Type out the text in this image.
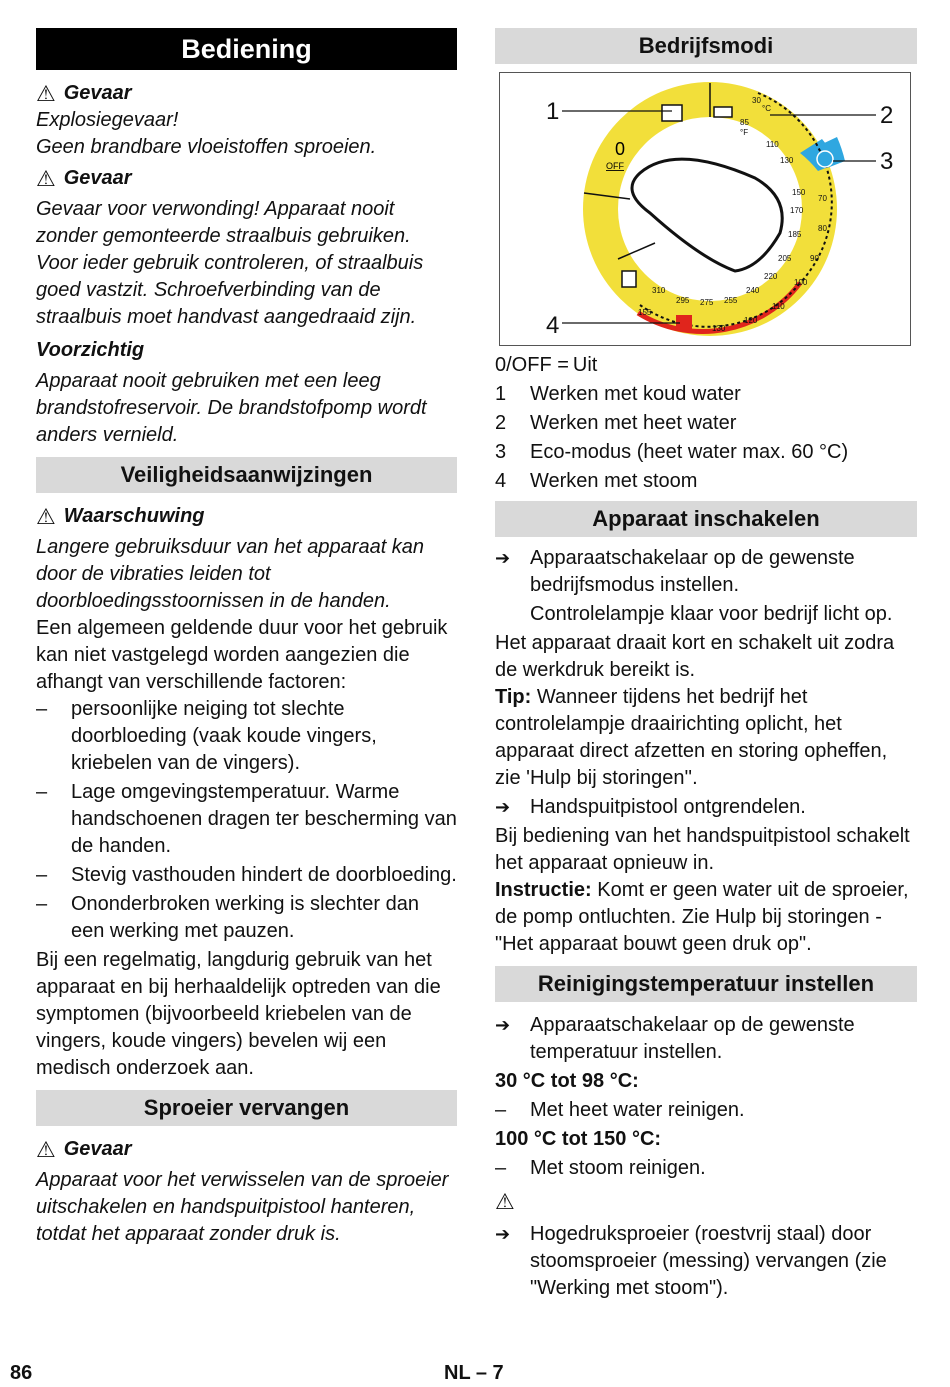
Bediening
⚠ Gevaar

Explosiegevaar!

Geen brandbare vloeistoffen sproeien.

⚠ Gevaar

Gevaar voor verwonding! Apparaat nooit zonder gemonteerde straalbuis gebruiken. Voor ieder gebruik controleren, of straalbuis goed vastzit. Schroefverbinding van de straalbuis moet handvast aangedraaid zijn.

Voorzichtig

Apparaat nooit gebruiken met een leeg brandstofreservoir. De brandstofpomp wordt anders vernield.

Veiligheidsaanwijzingen
⚠ Waarschuwing

Langere gebruiksduur van het apparaat kan door de vibraties leiden tot doorbloedingsstoornissen in de handen.

Een algemeen geldende duur voor het gebruik kan niet vastgelegd worden aangezien die afhangt van verschillende factoren:

–	persoonlijke neiging tot slechte doorbloeding (vaak koude vingers, kriebelen van de vingers).
–	Lage omgevingstemperatuur. Warme handschoenen dragen ter bescherming van de handen.
–	Stevig vasthouden hindert de doorbloeding.
–	Ononderbroken werking is slechter dan een werking met pauzen.

Bij een regelmatig, langdurig gebruik van het apparaat en bij herhaaldelijk optreden van die symptomen (bijvoorbeeld kriebelen van de vingers, koude vingers) bevelen wij een medisch onderzoek aan.

Sproeier vervangen
⚠ Gevaar

Apparaat voor het verwisselen van de sproeier uitschakelen en handspuitpistool hanteren, totdat het apparaat zonder druk is.

Bedrijfsmodi
0
OFF
30
°C
85
°F
110
130
150
170
185
205
220
240
255
275
295
310
70
80
90
100
110
120
130
155
1	2
3
4
0/OFF = Uit
1	Werken met koud water
2	Werken met heet water
3	Eco-modus (heet water max. 60 °C)
4	Werken met stoom
Apparaat inschakelen
➔ Apparaatschakelaar op de gewenste bedrijfsmodus instellen.

Controlelampje klaar voor bedrijf licht op.

Het apparaat draait kort en schakelt uit zodra de werkdruk bereikt is.

Tip: Wanneer tijdens het bedrijf het controlelampje draairichting oplicht, het apparaat direct afzetten en storing opheffen, zie 'Hulp bij storingen''.

➔ Handspuitpistool ontgrendelen.

Bij bediening van het handspuitpistool schakelt het apparaat opnieuw in.

Instructie: Komt er geen water uit de sproeier, de pomp ontluchten. Zie Hulp bij storingen - "Het apparaat bouwt geen druk op".

Reinigingstemperatuur instellen
➔ Apparaatschakelaar op de gewenste temperatuur instellen.

30 °C tot 98 °C:

–	Met heet water reinigen.

100 °C tot 150 °C:

–	Met stoom reinigen.
⚠
➔ Hogedruksproeier (roestvrij staal) door stoomsproeier (messing) vervangen (zie "Werking met stoom").
86	NL – 7
